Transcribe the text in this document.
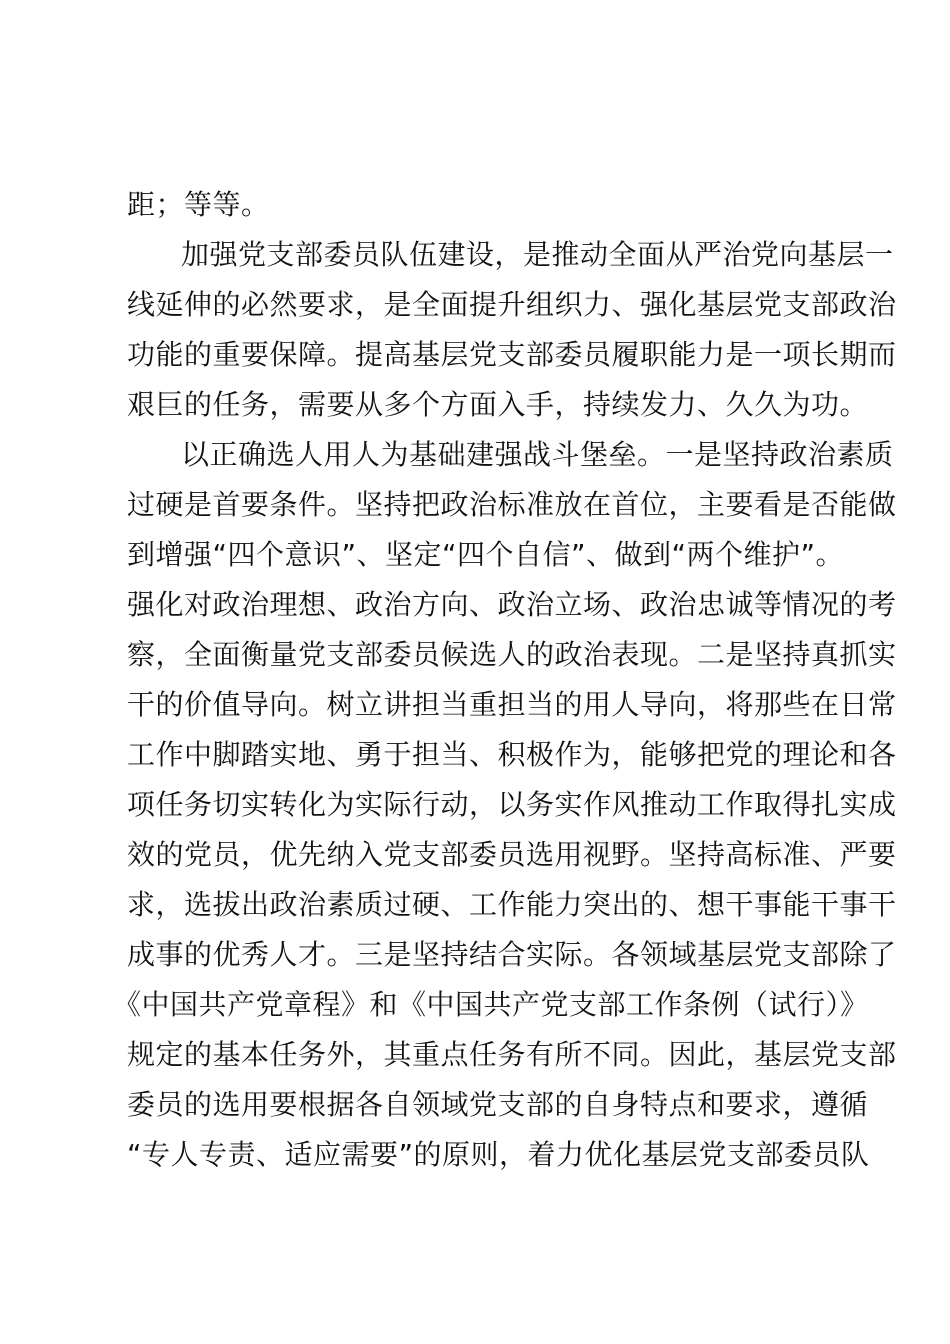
距；等等。
加强党支部委员队伍建设，是推动全面从严治党向基层一
线延伸的必然要求，是全面提升组织力、强化基层党支部政治
功能的重要保障。提高基层党支部委员履职能力是一项长期而
艰巨的任务，需要从多个方面入手，持续发力、久久为功。
以正确选人用人为基础建强战斗堡垒。一是坚持政治素质
过硬是首要条件。坚持把政治标准放在首位，主要看是否能做
到增强“四个意识”、坚定“四个自信”、做到“两个维护”。
强化对政治理想、政治方向、政治立场、政治忠诚等情况的考
察，全面衡量党支部委员候选人的政治表现。二是坚持真抓实
干的价值导向。树立讲担当重担当的用人导向，将那些在日常
工作中脚踏实地、勇于担当、积极作为，能够把党的理论和各
项任务切实转化为实际行动，以务实作风推动工作取得扎实成
效的党员，优先纳入党支部委员选用视野。坚持高标准、严要
求，选拔出政治素质过硬、工作能力突出的、想干事能干事干
成事的优秀人才。三是坚持结合实际。各领域基层党支部除了
《中国共产党章程》和《中国共产党支部工作条例（试行）》
规定的基本任务外，其重点任务有所不同。因此，基层党支部
委员的选用要根据各自领域党支部的自身特点和要求，遵循
“专人专责、适应需要”的原则，着力优化基层党支部委员队
